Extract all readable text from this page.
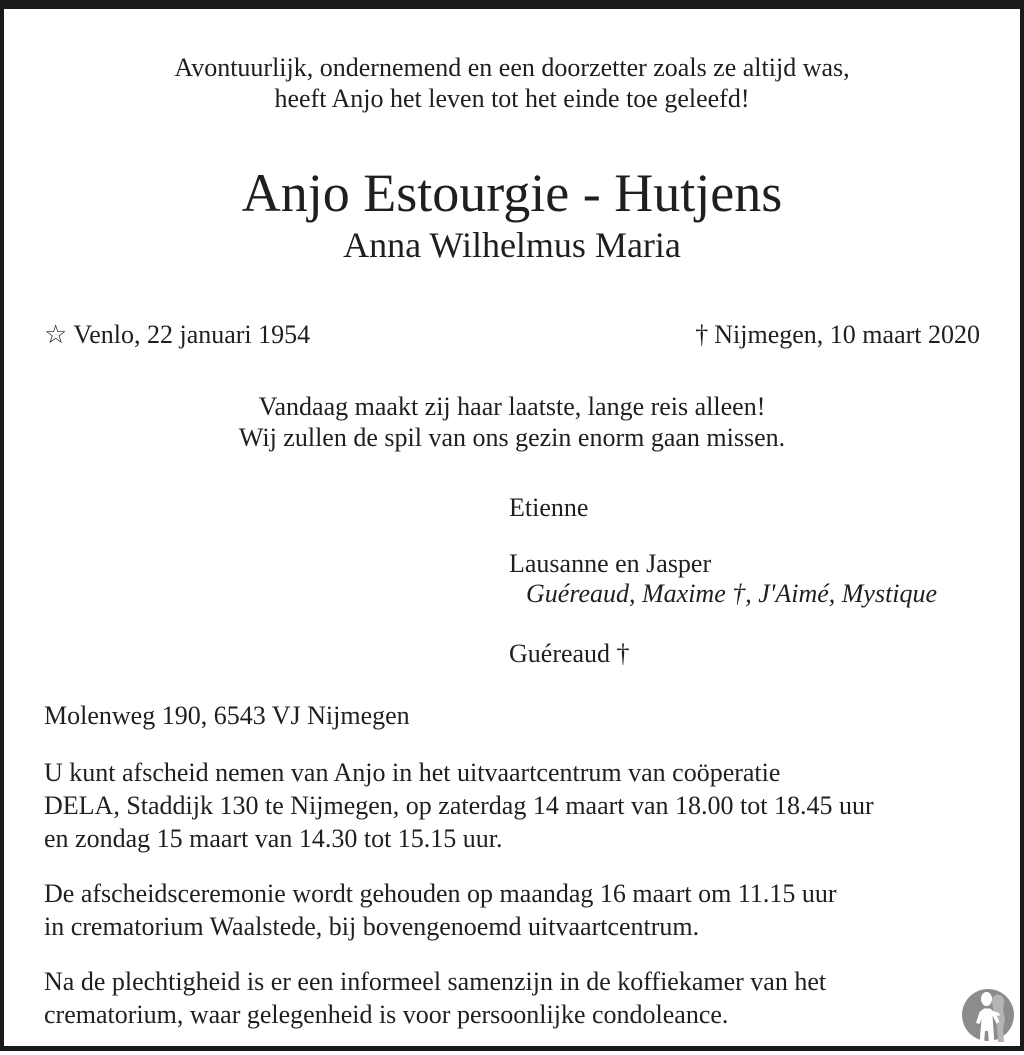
Avontuurlijk, ondernemend en een doorzetter zoals ze altijd was,
heeft Anjo het leven tot het einde toe geleefd!
Anjo Estourgie - Hutjens
Anna Wilhelmus Maria
☆ Venlo, 22 januari 1954	† Nijmegen, 10 maart 2020
Vandaag maakt zij haar laatste, lange reis alleen!
Wij zullen de spil van ons gezin enorm gaan missen.
Etienne
Lausanne en Jasper
Guéreaud, Maxime †, J'Aimé, Mystique
Guéreaud †
Molenweg 190, 6543 VJ Nijmegen
U kunt afscheid nemen van Anjo in het uitvaartcentrum van coöperatie
DELA, Staddijk 130 te Nijmegen, op zaterdag 14 maart van 18.00 tot 18.45 uur
en zondag 15 maart van 14.30 tot 15.15 uur.
De afscheidsceremonie wordt gehouden op maandag 16 maart om 11.15 uur
in crematorium Waalstede, bij bovengenoemd uitvaartcentrum.
Na de plechtigheid is er een informeel samenzijn in de koffiekamer van het
crematorium, waar gelegenheid is voor persoonlijke condoleance.
